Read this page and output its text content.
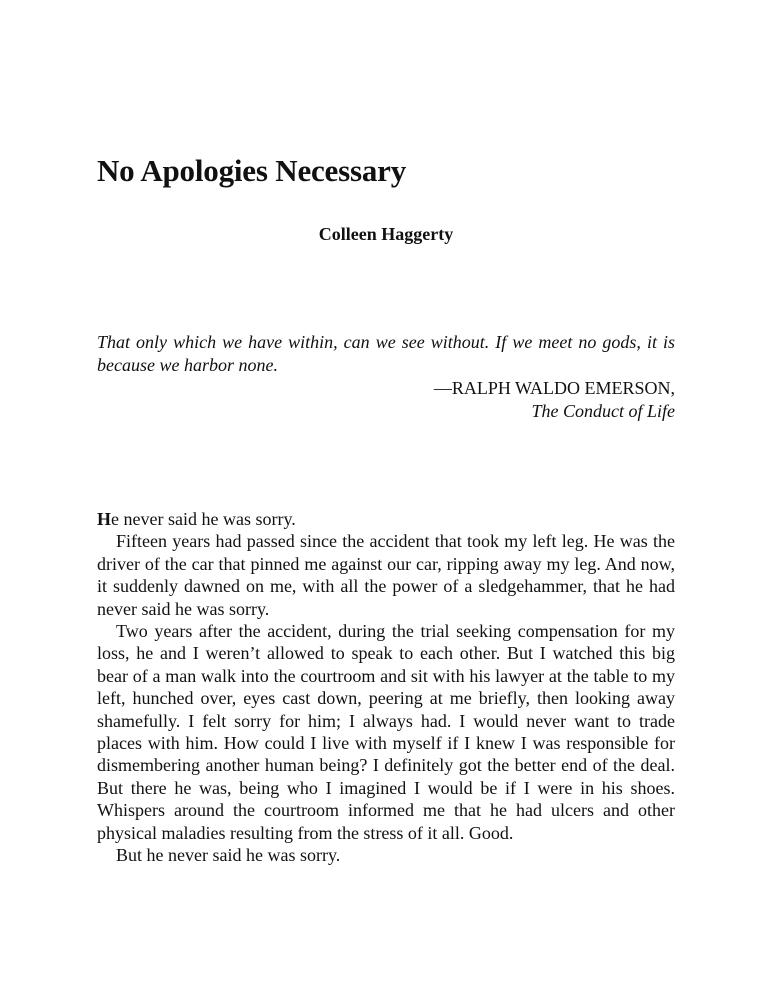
No Apologies Necessary
Colleen Haggerty

That only which we have within, can we see without. If we meet no gods, it is because we harbor none.

—RALPH WALDO EMERSON,

The Conduct of Life

He never said he was sorry.

Fifteen years had passed since the accident that took my left leg. He was the driver of the car that pinned me against our car, ripping away my leg. And now, it suddenly dawned on me, with all the power of a sledgehammer, that he had never said he was sorry.

Two years after the accident, during the trial seeking compensation for my loss, he and I weren’t allowed to speak to each other. But I watched this big bear of a man walk into the courtroom and sit with his lawyer at the table to my left, hunched over, eyes cast down, peering at me briefly, then looking away shamefully. I felt sorry for him; I always had. I would never want to trade places with him. How could I live with myself if I knew I was responsible for dismembering another human being? I definitely got the better end of the deal. But there he was, being who I imagined I would be if I were in his shoes. Whispers around the courtroom informed me that he had ulcers and other physical maladies resulting from the stress of it all. Good.

But he never said he was sorry.
